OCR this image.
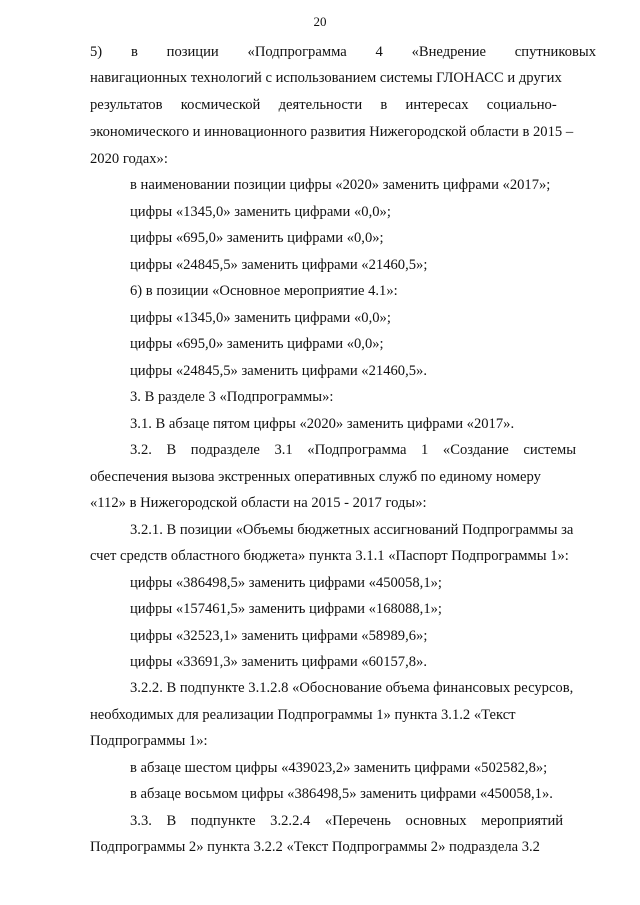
20
5)     в     позиции     «Подпрограмма     4     «Внедрение     спутниковых
навигационных технологий с использованием системы ГЛОНАСС и других
результатов     космической     деятельности     в     интересах     социально-
экономического и инновационного развития Нижегородской области в 2015 –
2020 годах»:
в наименовании позиции цифры «2020» заменить цифрами «2017»;
цифры «1345,0» заменить цифрами «0,0»;
цифры «695,0» заменить цифрами «0,0»;
цифры «24845,5» заменить цифрами «21460,5»;
6) в позиции «Основное мероприятие 4.1»:
цифры «1345,0» заменить цифрами «0,0»;
цифры «695,0» заменить цифрами «0,0»;
цифры «24845,5» заменить цифрами «21460,5».
3. В разделе 3 «Подпрограммы»:
3.1. В абзаце пятом цифры «2020» заменить цифрами «2017».
3.2.    В    подразделе    3.1    «Подпрограмма    1    «Создание    системы
обеспечения вызова экстренных оперативных служб по единому номеру
«112» в Нижегородской области на 2015 - 2017 годы»:
3.2.1. В позиции «Объемы бюджетных ассигнований Подпрограммы за
счет средств областного бюджета» пункта 3.1.1 «Паспорт Подпрограммы 1»:
цифры «386498,5» заменить цифрами «450058,1»;
цифры «157461,5» заменить цифрами «168088,1»;
цифры «32523,1» заменить цифрами «58989,6»;
цифры «33691,3» заменить цифрами «60157,8».
3.2.2. В подпункте 3.1.2.8 «Обоснование объема финансовых ресурсов,
необходимых для реализации Подпрограммы 1» пункта 3.1.2 «Текст
Подпрограммы 1»:
в абзаце шестом цифры «439023,2» заменить цифрами «502582,8»;
в абзаце восьмом цифры «386498,5» заменить цифрами «450058,1».
3.3.    В    подпункте    3.2.2.4    «Перечень    основных    мероприятий
Подпрограммы 2» пункта 3.2.2 «Текст Подпрограммы 2» подраздела 3.2
